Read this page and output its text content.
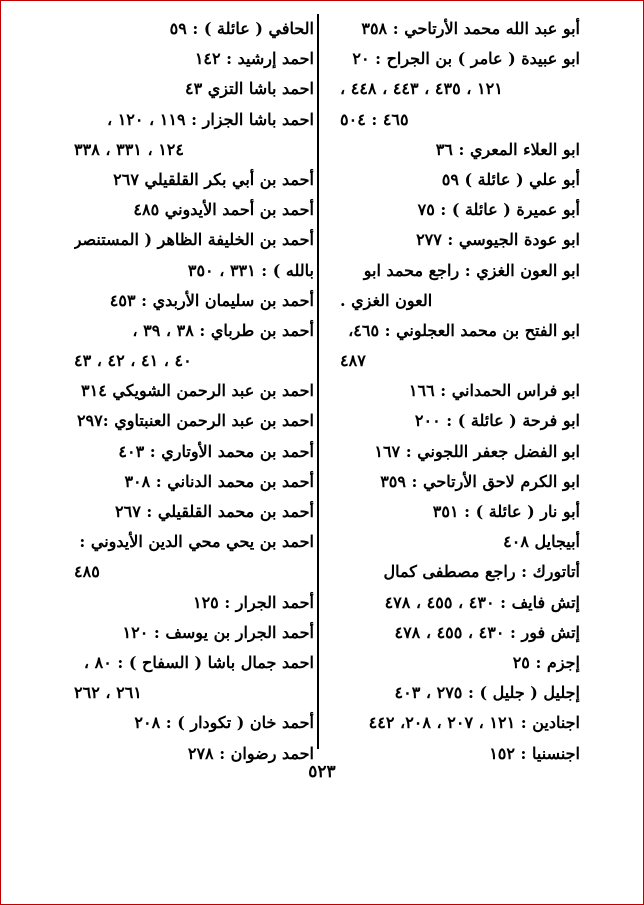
أبو عبد الله محمد الأرتاحي : ٣٥٨
ابو عبيدة ( عامر ) بن الجراح : ٢٠
١٢١ ، ٤٣٥ ، ٤٤٣ ، ٤٤٨ ،
٤٦٥ : ٥٠٤
ابو العلاء المعري : ٣٦
أبو علي ( عائلة ) ٥٩
أبو عميرة ( عائلة ) : ٧٥
ابو عودة الجيوسي : ٢٧٧
ابو العون الغزي : راجع محمد ابو
العون الغزي .
ابو الفتح بن محمد العجلوني : ٤٦٥،
٤٨٧
ابو فراس الحمداني : ١٦٦
ابو فرحة ( عائلة ) : ٢٠٠
ابو الفضل جعفر اللجوني : ١٦٧
ابو الكرم لاحق الأرتاحي : ٣٥٩
أبو نار ( عائلة ) : ٣٥١
أبيجايل ٤٠٨
أتاتورك : راجع مصطفى كمال
إتش فايف : ٤٣٠ ، ٤٥٥ ، ٤٧٨
إتش فور : ٤٣٠ ، ٤٥٥ ، ٤٧٨
إجزم : ٢٥
إجليل ( جليل ) : ٢٧٥ ، ٤٠٣
اجنادين : ١٢١ ، ٢٠٧ ، ٢٠٨، ٤٤٢
اجنسنيا : ١٥٢
الحافي ( عائلة ) : ٥٩
احمد إرشيد : ١٤٢
احمد باشا التزي ٤٣
احمد باشا الجزار : ١١٩ ، ١٢٠ ،
١٢٤ ، ٣٣١ ، ٣٣٨
أحمد بن أبي بكر القلقيلي ٢٦٧
أحمد بن أحمد الأيدوني ٤٨٥
أحمد بن الخليفة الظاهر ( المستنصر
بالله ) : ٣٣١ ، ٣٥٠
أحمد بن سليمان الأربدي : ٤٥٣
أحمد بن طرباي : ٣٨ ، ٣٩ ،
٤٠ ، ٤١ ، ٤٢ ، ٤٣
احمد بن عبد الرحمن الشويكي ٣١٤
احمد بن عبد الرحمن العنبتاوي :٢٩٧
أحمد بن محمد الأوتاري : ٤٠٣
أحمد بن محمد الدناني : ٣٠٨
أحمد بن محمد القلقيلي : ٢٦٧
احمد بن يحي محي الدين الأيدوني :
٤٨٥
أحمد الجرار : ١٢٥
أحمد الجرار بن يوسف : ١٢٠
احمد جمال باشا ( السفاح ) : ٨٠ ،
٢٦١ ، ٢٦٢
أحمد خان ( تكودار ) : ٢٠٨
احمد رضوان : ٢٧٨
٥٢٣
